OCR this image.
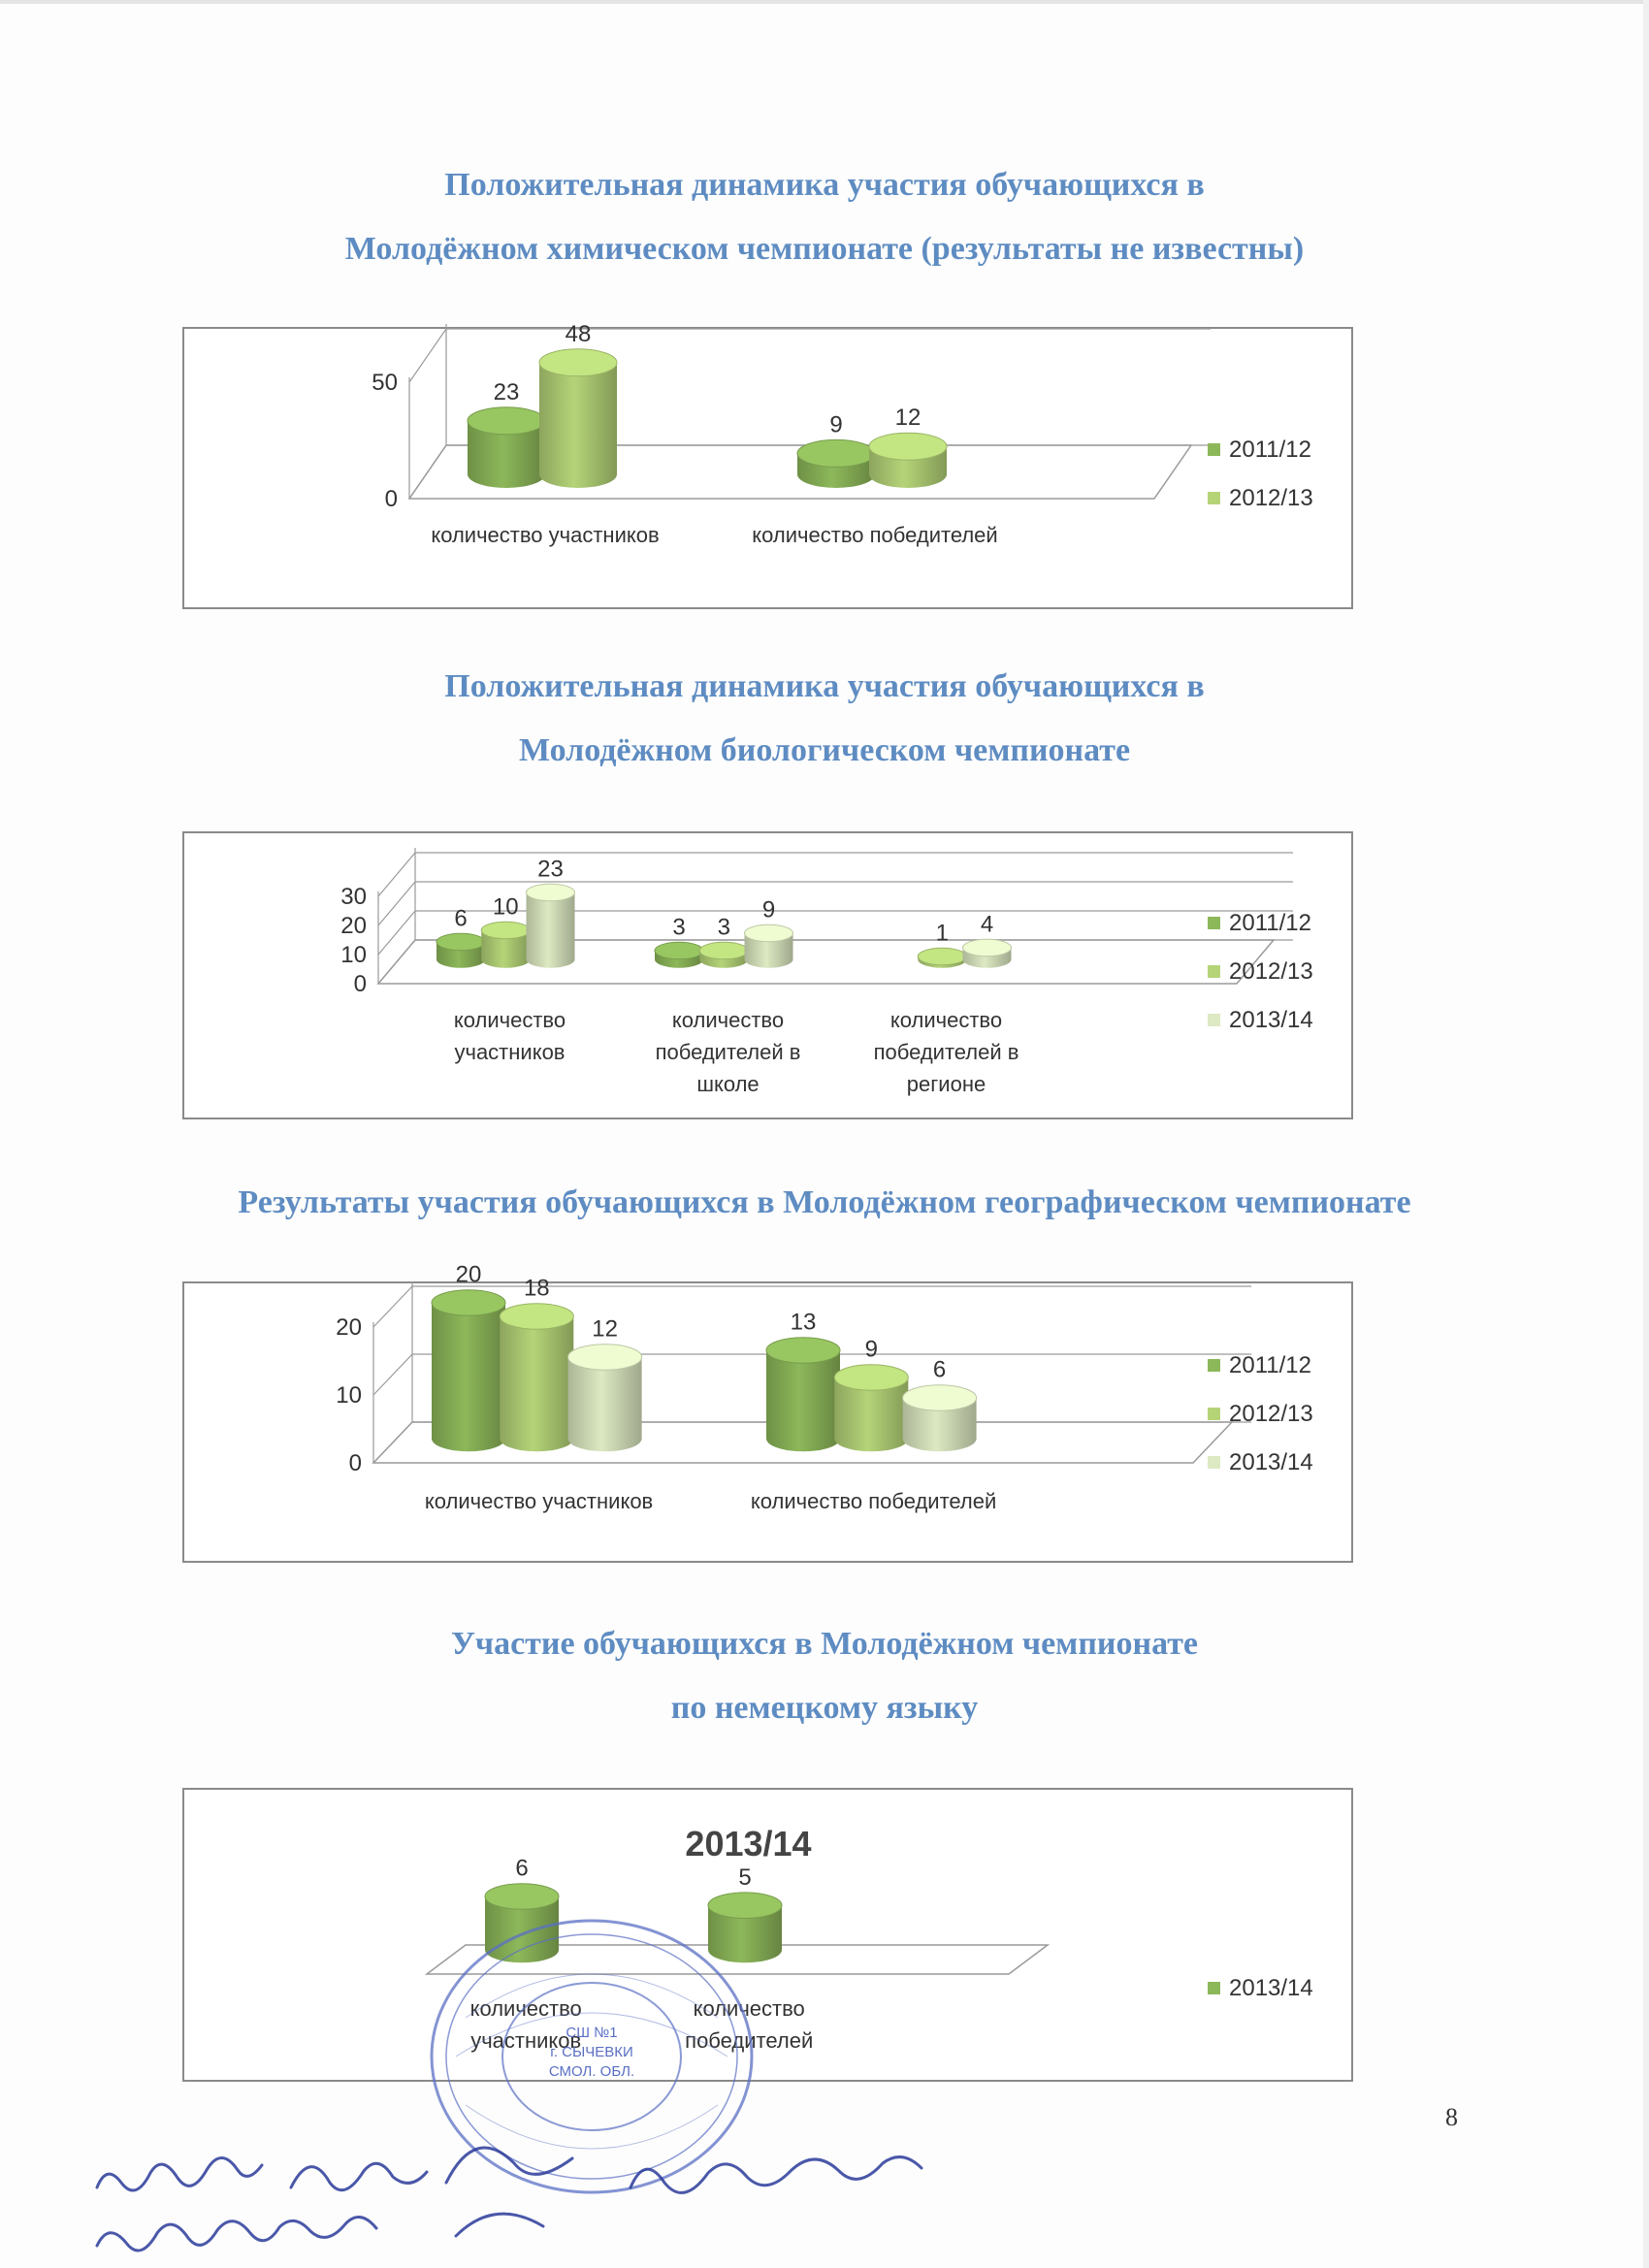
Положительная динамика участия обучающихся в
Молодёжном химическом чемпионате (результаты не известны)
0
50	23
48
количество участников
9 12
количество победителей
2011/12
2012/13
Положительная динамика участия обучающихся в
Молодёжном биологическом чемпионате
0
10
20
30
6 10
23
количество участников
3 3
9
количество победителей в школе
1 4
количество победителей в регионе
2011/12
2012/13
2013/14
Результаты участия обучающихся в Молодёжном географическом чемпионате
0
10
20
20
18
12
количество участников
13
9
6
количество победителей
2011/12
2012/13
2013/14
Участие обучающихся в Молодёжном чемпионате
по немецкому языку
2013/14
6
количество участников
5
количество победителей
2013/14
8
СШ №1
г. СЫЧЕВКИ
СМОЛ. ОБЛ.
